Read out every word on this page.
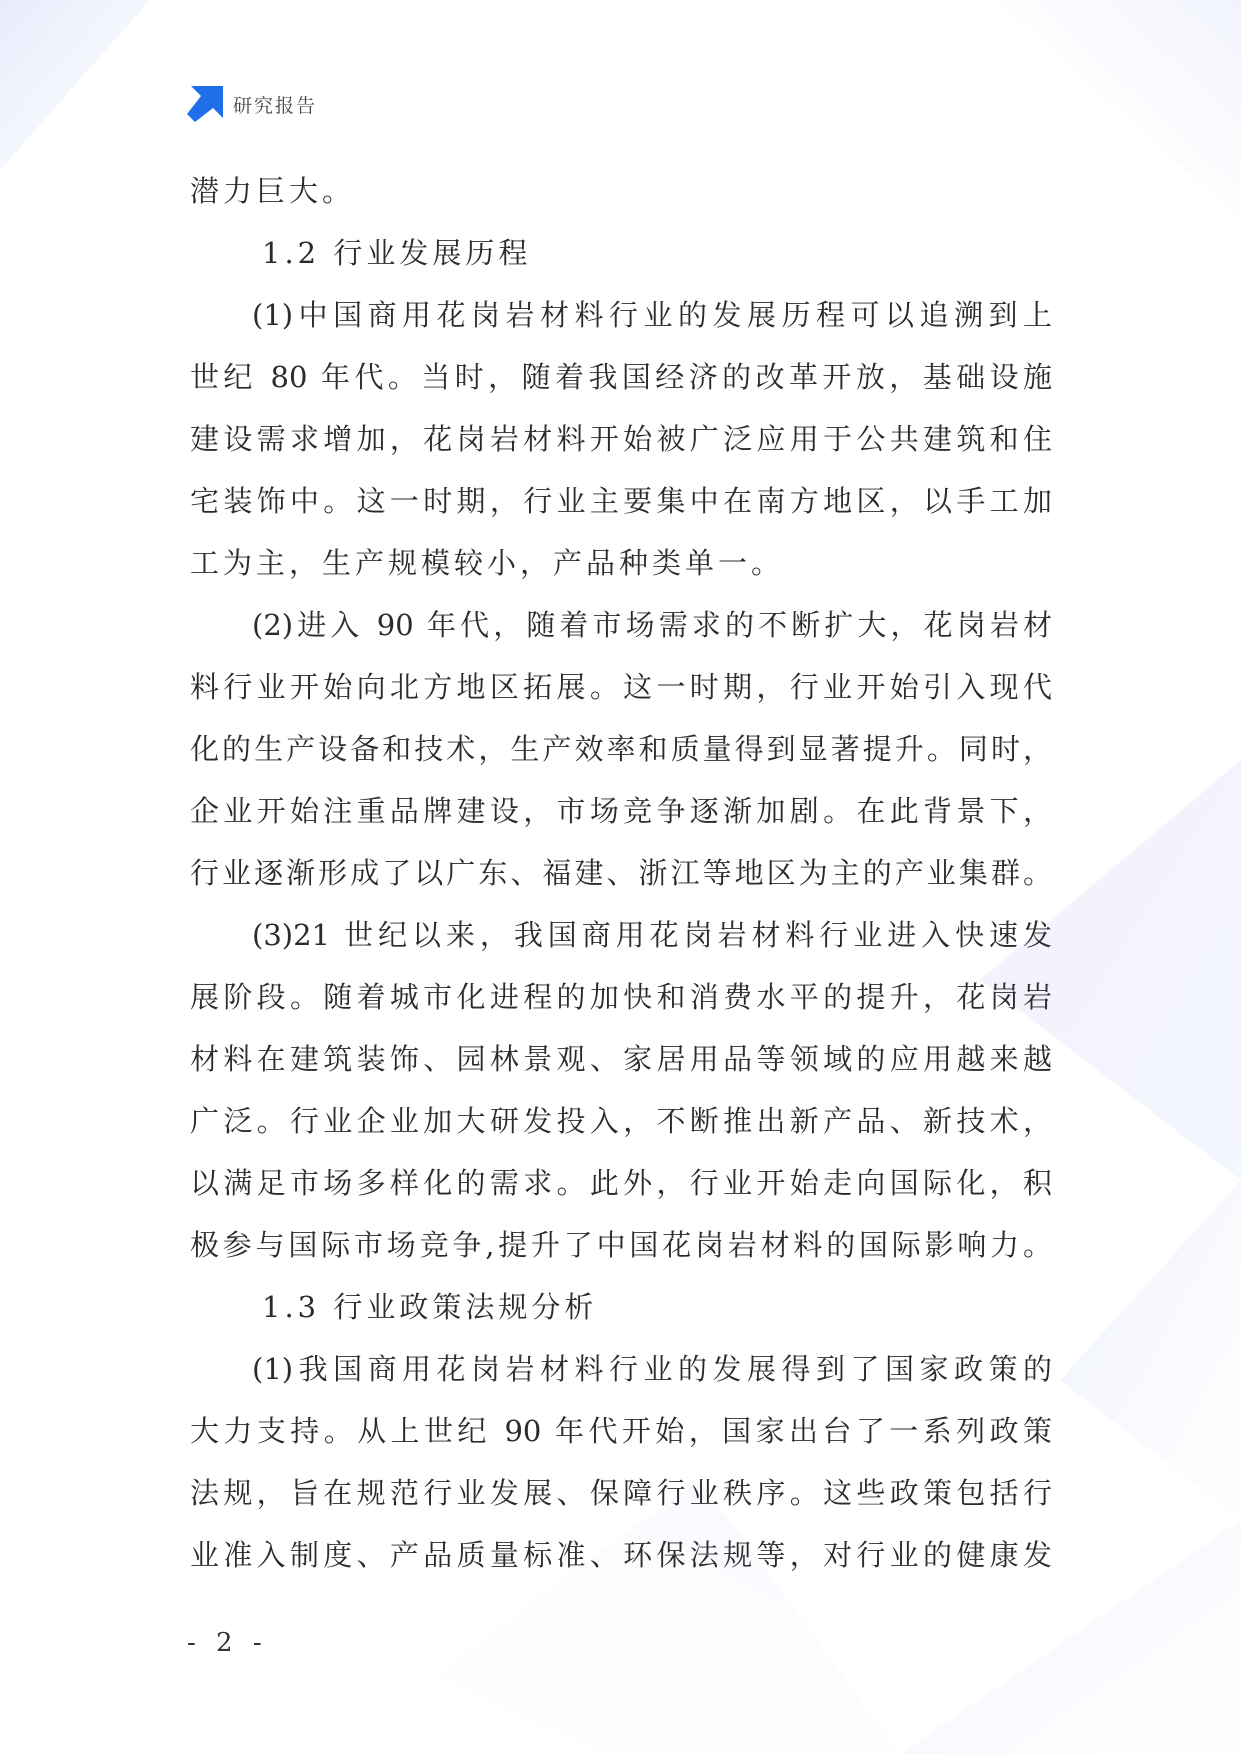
研究报告
潜力巨大。
1.2 行业发展历程
(1)中国商用花岗岩材料行业的发展历程可以追溯到上
世纪 80 年代。当时，随着我国经济的改革开放，基础设施
建设需求增加，花岗岩材料开始被广泛应用于公共建筑和住
宅装饰中。这一时期，行业主要集中在南方地区，以手工加
工为主，生产规模较小，产品种类单一。
(2)进入 90 年代，随着市场需求的不断扩大，花岗岩材
料行业开始向北方地区拓展。这一时期，行业开始引入现代
化的生产设备和技术，生产效率和质量得到显著提升。同时，
企业开始注重品牌建设，市场竞争逐渐加剧。在此背景下，
行业逐渐形成了以广东、福建、浙江等地区为主的产业集群。
(3)21 世纪以来，我国商用花岗岩材料行业进入快速发
展阶段。随着城市化进程的加快和消费水平的提升，花岗岩
材料在建筑装饰、园林景观、家居用品等领域的应用越来越
广泛。行业企业加大研发投入，不断推出新产品、新技术，
以满足市场多样化的需求。此外，行业开始走向国际化，积
极参与国际市场竞争,提升了中国花岗岩材料的国际影响力。
1.3 行业政策法规分析
(1)我国商用花岗岩材料行业的发展得到了国家政策的
大力支持。从上世纪 90 年代开始，国家出台了一系列政策
法规，旨在规范行业发展、保障行业秩序。这些政策包括行
业准入制度、产品质量标准、环保法规等，对行业的健康发
- 2 -
